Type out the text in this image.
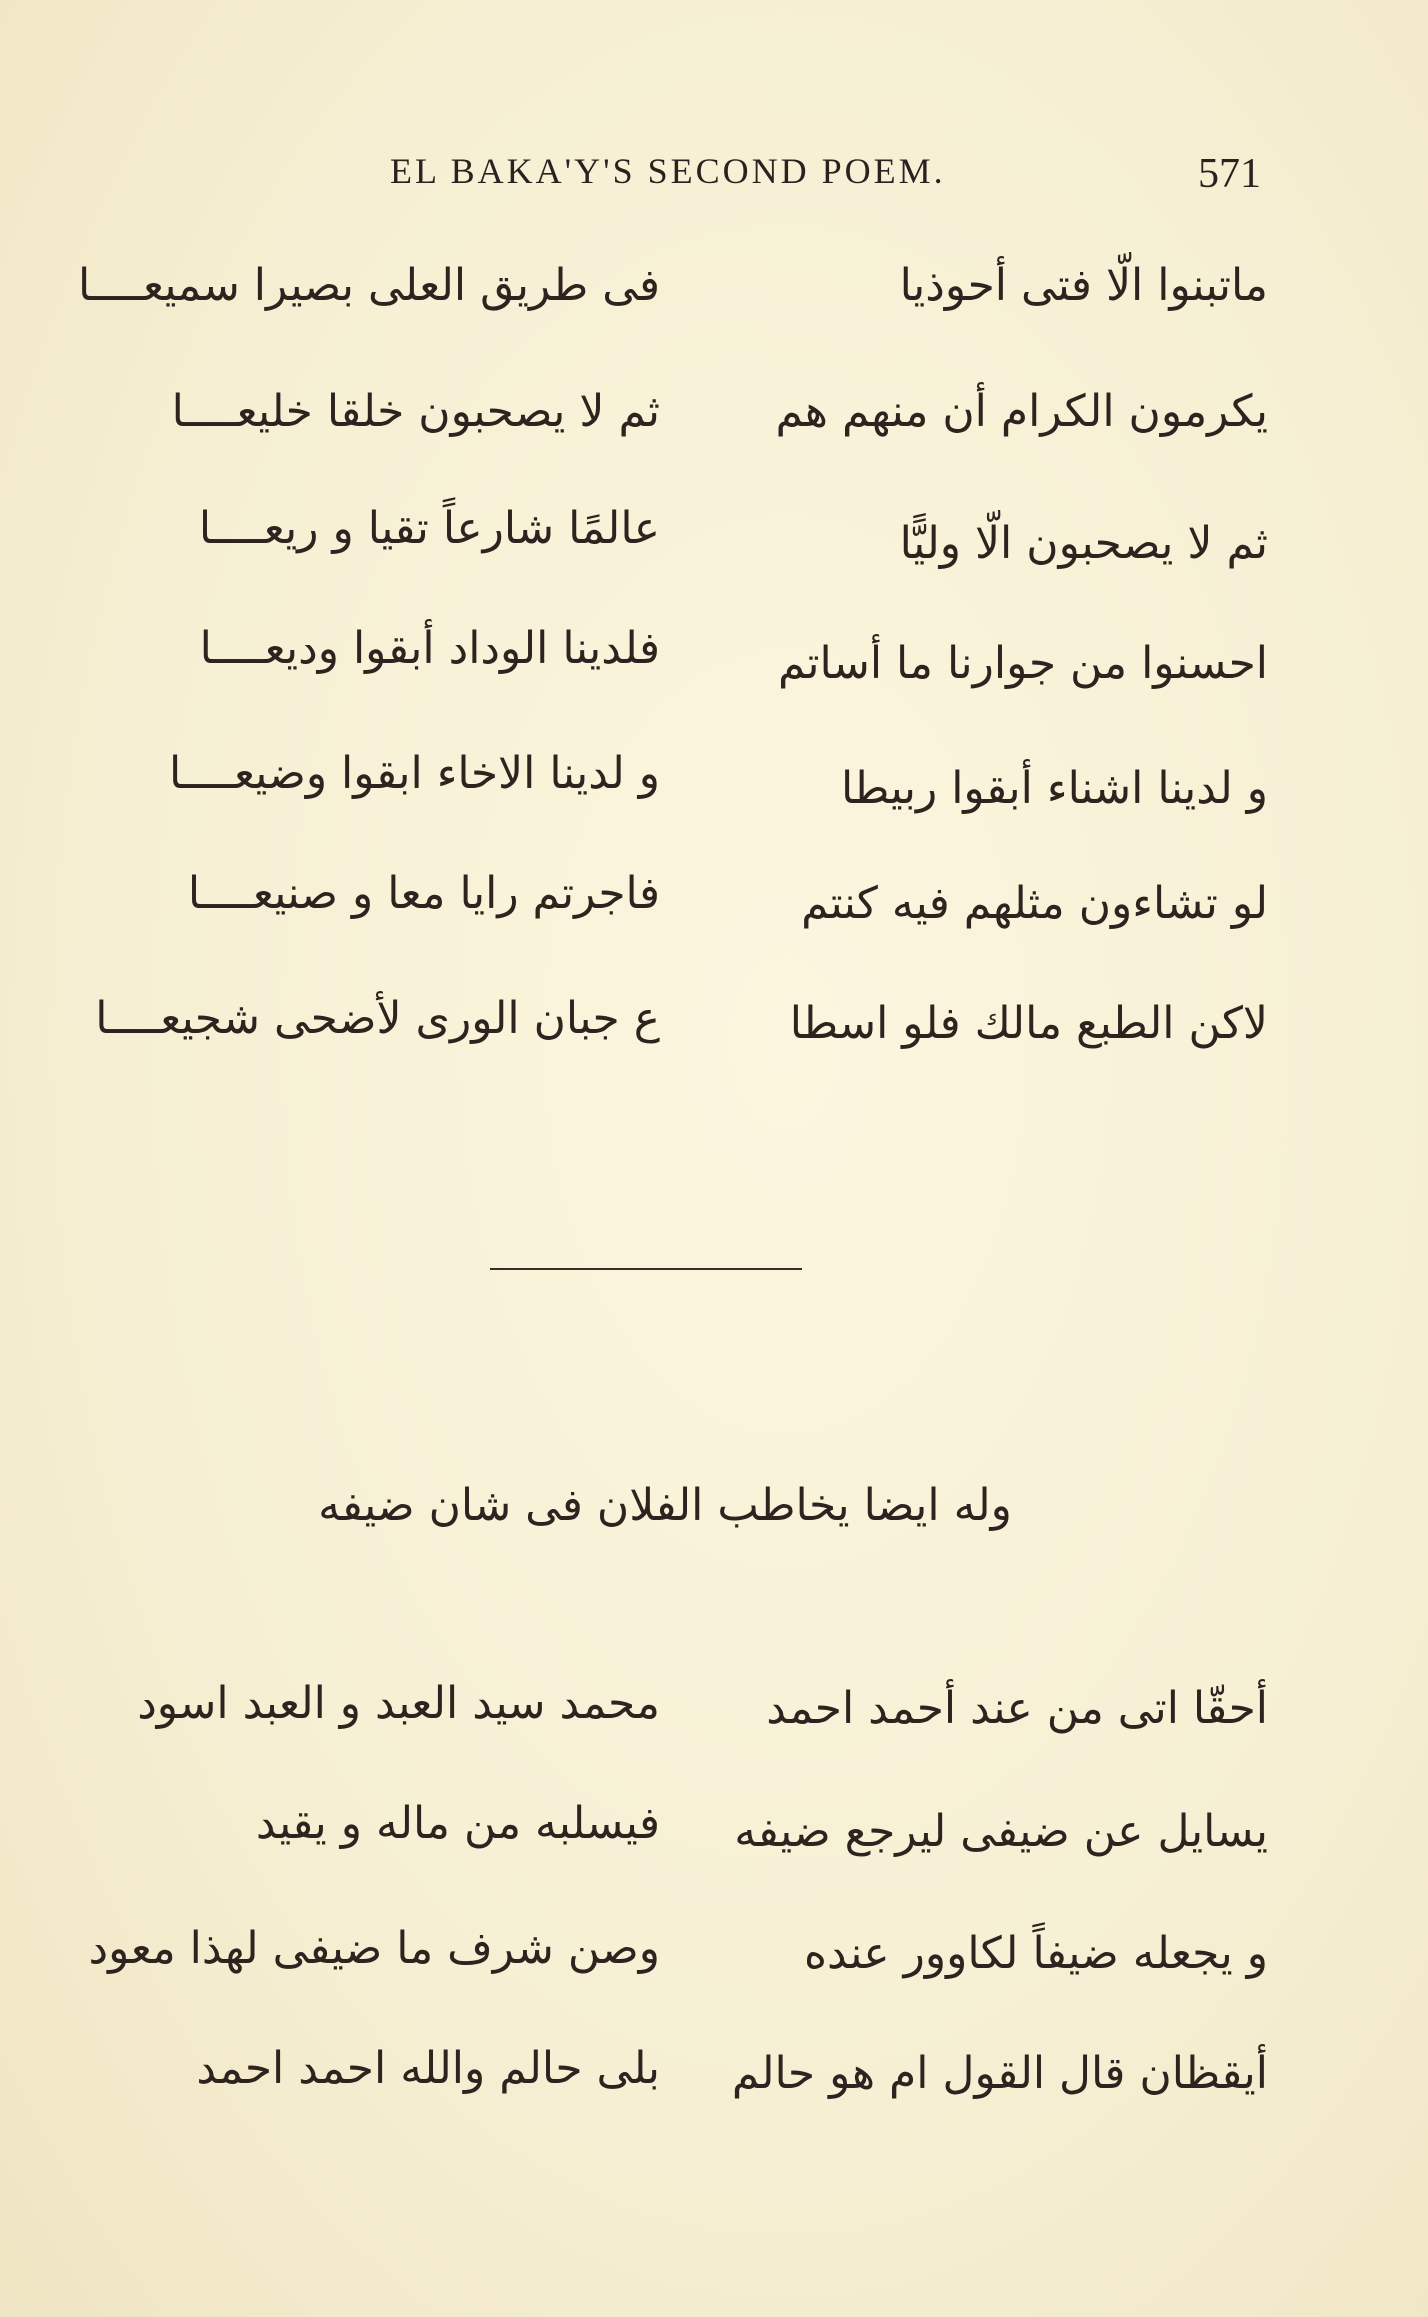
EL BAKA'Y'S SECOND POEM.	571
ماتبنوا الّا فتى أحوذيا
فى طريق العلى بصيرا سميعــــا
يكرمون الكرام أن منهم هم
ثم لا يصحبون خلقا خليعــــا
ثم لا يصحبون الّا وليًّا
عالمًا شارعاً تقيا و ريعــــا
احسنوا من جوارنا ما أساتم
فلدينا الوداد أبقوا وديعــــا
و لدينا اشناء أبقوا ربيطا
و لدينا الاخاء ابقوا وضيعــــا
لو تشاءون مثلهم فيه كنتم
فاجرتم رايا معا و صنيعــــا
لاكن الطبع مالك فلو اسطا
ع جبان الورى لأضحى شجيعــــا
وله ايضا يخاطب الفلان فى شان ضيفه
أحقّا اتى من عند أحمد احمد
محمد سيد العبد و العبد اسود
يسايل عن ضيفى ليرجع ضيفه
فيسلبه من ماله و يقيد
و يجعله ضيفاً لكاوور عنده
وصن شرف ما ضيفى لهذا معود
أيقظان قال القول ام هو حالم
بلى حالم والله احمد احمد
